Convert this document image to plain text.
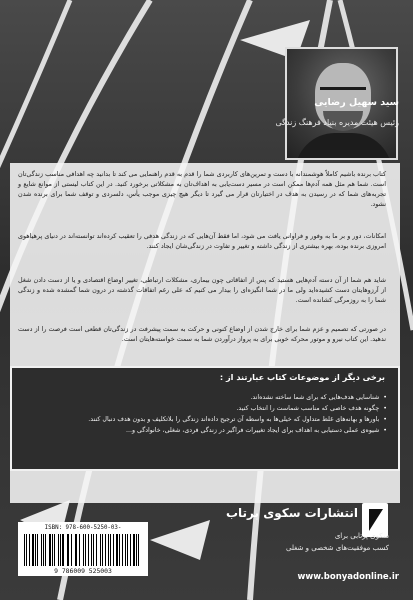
سید سهیل رضایی
رئیس هیئت مدیره بنیاد فرهنگ زندگی
کتاب برنده باشیم کاملاً هوشمندانه با دست و تمرین‌های کاربردی شما را قدم به قدم راهنمایی می کند تا بدانید چه اهدافی مناسب زندگی‌تان است. شما هم مثل همه آدم‌ها ممکن است در مسیر دست‌یابی به اهداف‌تان به مشکلاتی برخورد کنید. در این کتاب لیستی از موانع شایع و تجربه‌های شما که در رسیدن به هدف در اختیارتان قرار می گیرد تا دیگر هیچ چیزی موجب یأس، دلسردی و توقف شما برای برنده شدن نشود.
امکانات، دور و بر ما به وفور و فراوانی یافت می شود، اما فقط آن‌هایی که در زندگی هدفی را تعقیب کرده‌اند توانسته‌اند در دنیای پرهیاهوی امروزی برنده بوده، بهره بیشتری از زندگی داشته و تغییر و تفاوت در زندگی‌شان ایجاد کنند.
شاید هم شما از آن دسته آدم‌هایی هستید که پس از اتفاقاتی چون بیماری، مشکلات ارتباطی، تغییر اوضاع اقتصادی و یا از دست دادن شغل از آرزوهایتان دست کشیده‌اید ولی ما در شما انگیزه‌ای را بیدار می کنیم که علی رغم اتفاقات گذشته در درون شما گمشده شده و زندگی شما را به روزمرگی کشانده است.
در صورتی که تصمیم و عزم شما برای خارج شدن از اوضاع کنونی و حرکت به سمت پیشرفت در زندگی‌تان قطعی است فرصت را از دست ندهید. این کتاب نیرو و موتور محرکه خوبی برای به پرواز درآوردن شما به سمت خواسته‌هایتان است.
برخی دیگر از موضوعات کتاب عبارتند از :
• شناسایی هدف‌هایی که برای شما ساخته نشده‌اند.
• چگونه هدف خاصی که مناسب شماست را انتخاب کنید.
• باورها و بهانه‌های غلط متداول که خیلی‌ها به واسطه آن ترجیح داده‌اند زندگی را بلاتکلیف و بدون هدف دنبال کنند.
• شیوه‌ی عملی دستیابی به اهداف برای ایجاد تغییرات فراگیر در زندگی فردی، شغلی، خانوادگی و...
ISBN: 978-600-5250-03-
9 786009 525003
انتشارات سکوی پرتاب
سکوی پرتابی برای
کسب موفقیت‌های شخصی و شغلی
www.bonyadonline.ir
